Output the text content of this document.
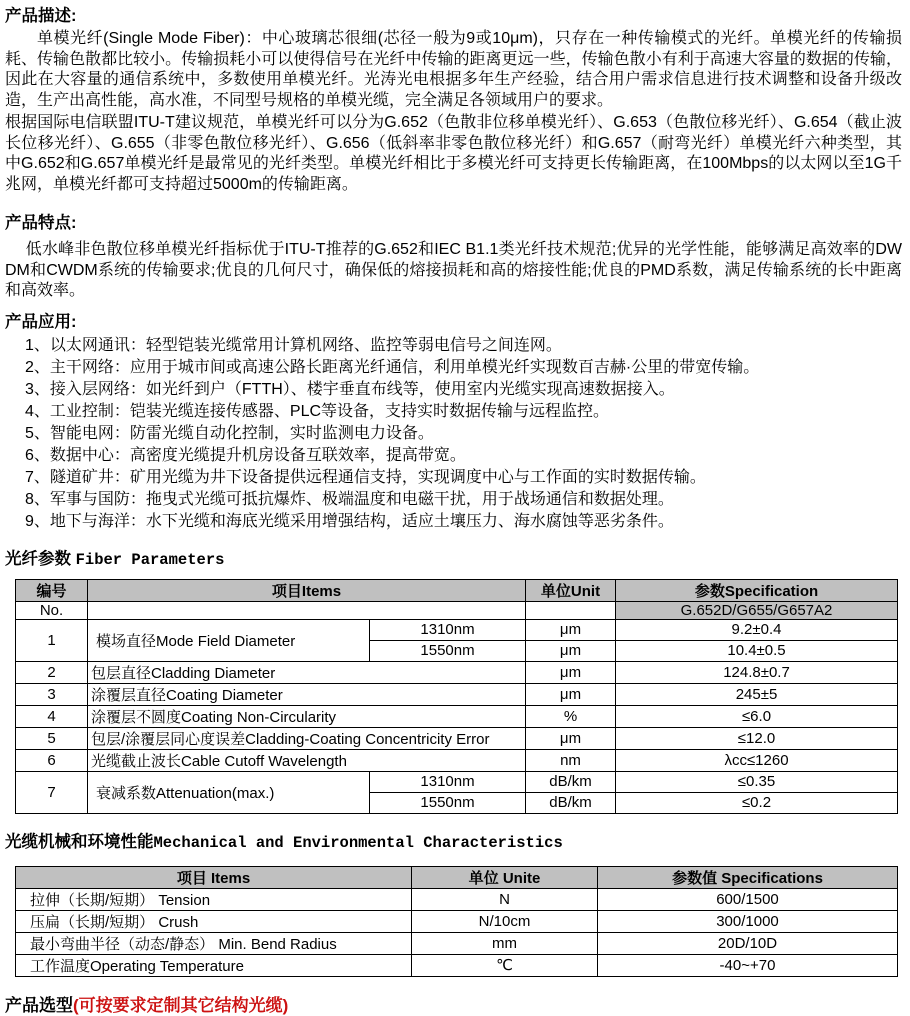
产品描述:

单模光纤(Single Mode Fiber)：中心玻璃芯很细(芯径一般为9或10μm)，只存在一种传输模式的光纤。单模光纤的传输损耗、传输色散都比较小。传输损耗小可以使得信号在光纤中传输的距离更远一些，传输色散小有利于高速大容量的数据的传输，因此在大容量的通信系统中，多数使用单模光纤。光涛光电根据多年生产经验，结合用户需求信息进行技术调整和设备升级改造，生产出高性能，高水准，不同型号规格的单模光缆，完全满足各领域用户的要求。

根据国际电信联盟ITU-T建议规范，单模光纤可以分为G.652（色散非位移单模光纤）、G.653（色散位移光纤）、G.654（截止波长位移光纤）、G.655（非零色散位移光纤）、G.656（低斜率非零色散位移光纤）和G.657（耐弯光纤）单模光纤六种类型，其中G.652和G.657单模光纤是最常见的光纤类型。单模光纤相比于多模光纤可支持更长传输距离，在100Mbps的以太网以至1G千兆网，单模光纤都可支持超过5000m的传输距离。

产品特点:

低水峰非色散位移单模光纤指标优于ITU-T推荐的G.652和IEC B1.1类光纤技术规范;优异的光学性能，能够满足高效率的DWDM和CWDM系统的传输要求;优良的几何尺寸，确保低的熔接损耗和高的熔接性能;优良的PMD系数，满足传输系统的长中距离和高效率。

产品应用:
1、以太网通讯：轻型铠装光缆常用计算机网络、监控等弱电信号之间连网。
2、主干网络：应用于城市间或高速公路长距离光纤通信，利用单模光纤实现数百吉赫·公里的带宽传输。
3、接入层网络：如光纤到户（FTTH）、楼宇垂直布线等，使用室内光缆实现高速数据接入。
4、工业控制：铠装光缆连接传感器、PLC等设备，支持实时数据传输与远程监控。
5、智能电网：防雷光缆自动化控制，实时监测电力设备。
6、数据中心：高密度光缆提升机房设备互联效率，提高带宽。
7、隧道矿井：矿用光缆为井下设备提供远程通信支持，实现调度中心与工作面的实时数据传输。
8、军事与国防：拖曳式光缆可抵抗爆炸、极端温度和电磁干扰，用于战场通信和数据处理。
9、地下与海洋：水下光缆和海底光缆采用增强结构，适应土壤压力、海水腐蚀等恶劣条件。
光纤参数 Fiber Parameters
编号	项目Items		单位Unit	参数Specification
No.				G.652D/G655/G657A2
1	模场直径Mode Field Diameter	1310nm	μm	9.2±0.4
		1550nm	μm	10.4±0.5
2	包层直径Cladding Diameter		μm	124.8±0.7
3	涂覆层直径Coating Diameter		μm	245±5
4	涂覆层不圆度Coating Non-Circularity		%	≤6.0
5	包层/涂覆层同心度误差Cladding-Coating Concentricity Error		μm	≤12.0
6	光缆截止波长Cable Cutoff Wavelength		nm	λcc≤1260
7	衰减系数Attenuation(max.)	1310nm	dB/km	≤0.35
		1550nm	dB/km	≤0.2
光缆机械和环境性能Mechanical and Environmental Characteristics
项目 Items	单位 Unite	参数值 Specifications
拉伸（长期/短期） Tension	N	600/1500
压扁（长期/短期） Crush	N/10cm	300/1000
最小弯曲半径（动态/静态） Min. Bend Radius	mm	20D/10D
工作温度Operating Temperature	℃	-40~+70
产品选型(可按要求定制其它结构光缆)
